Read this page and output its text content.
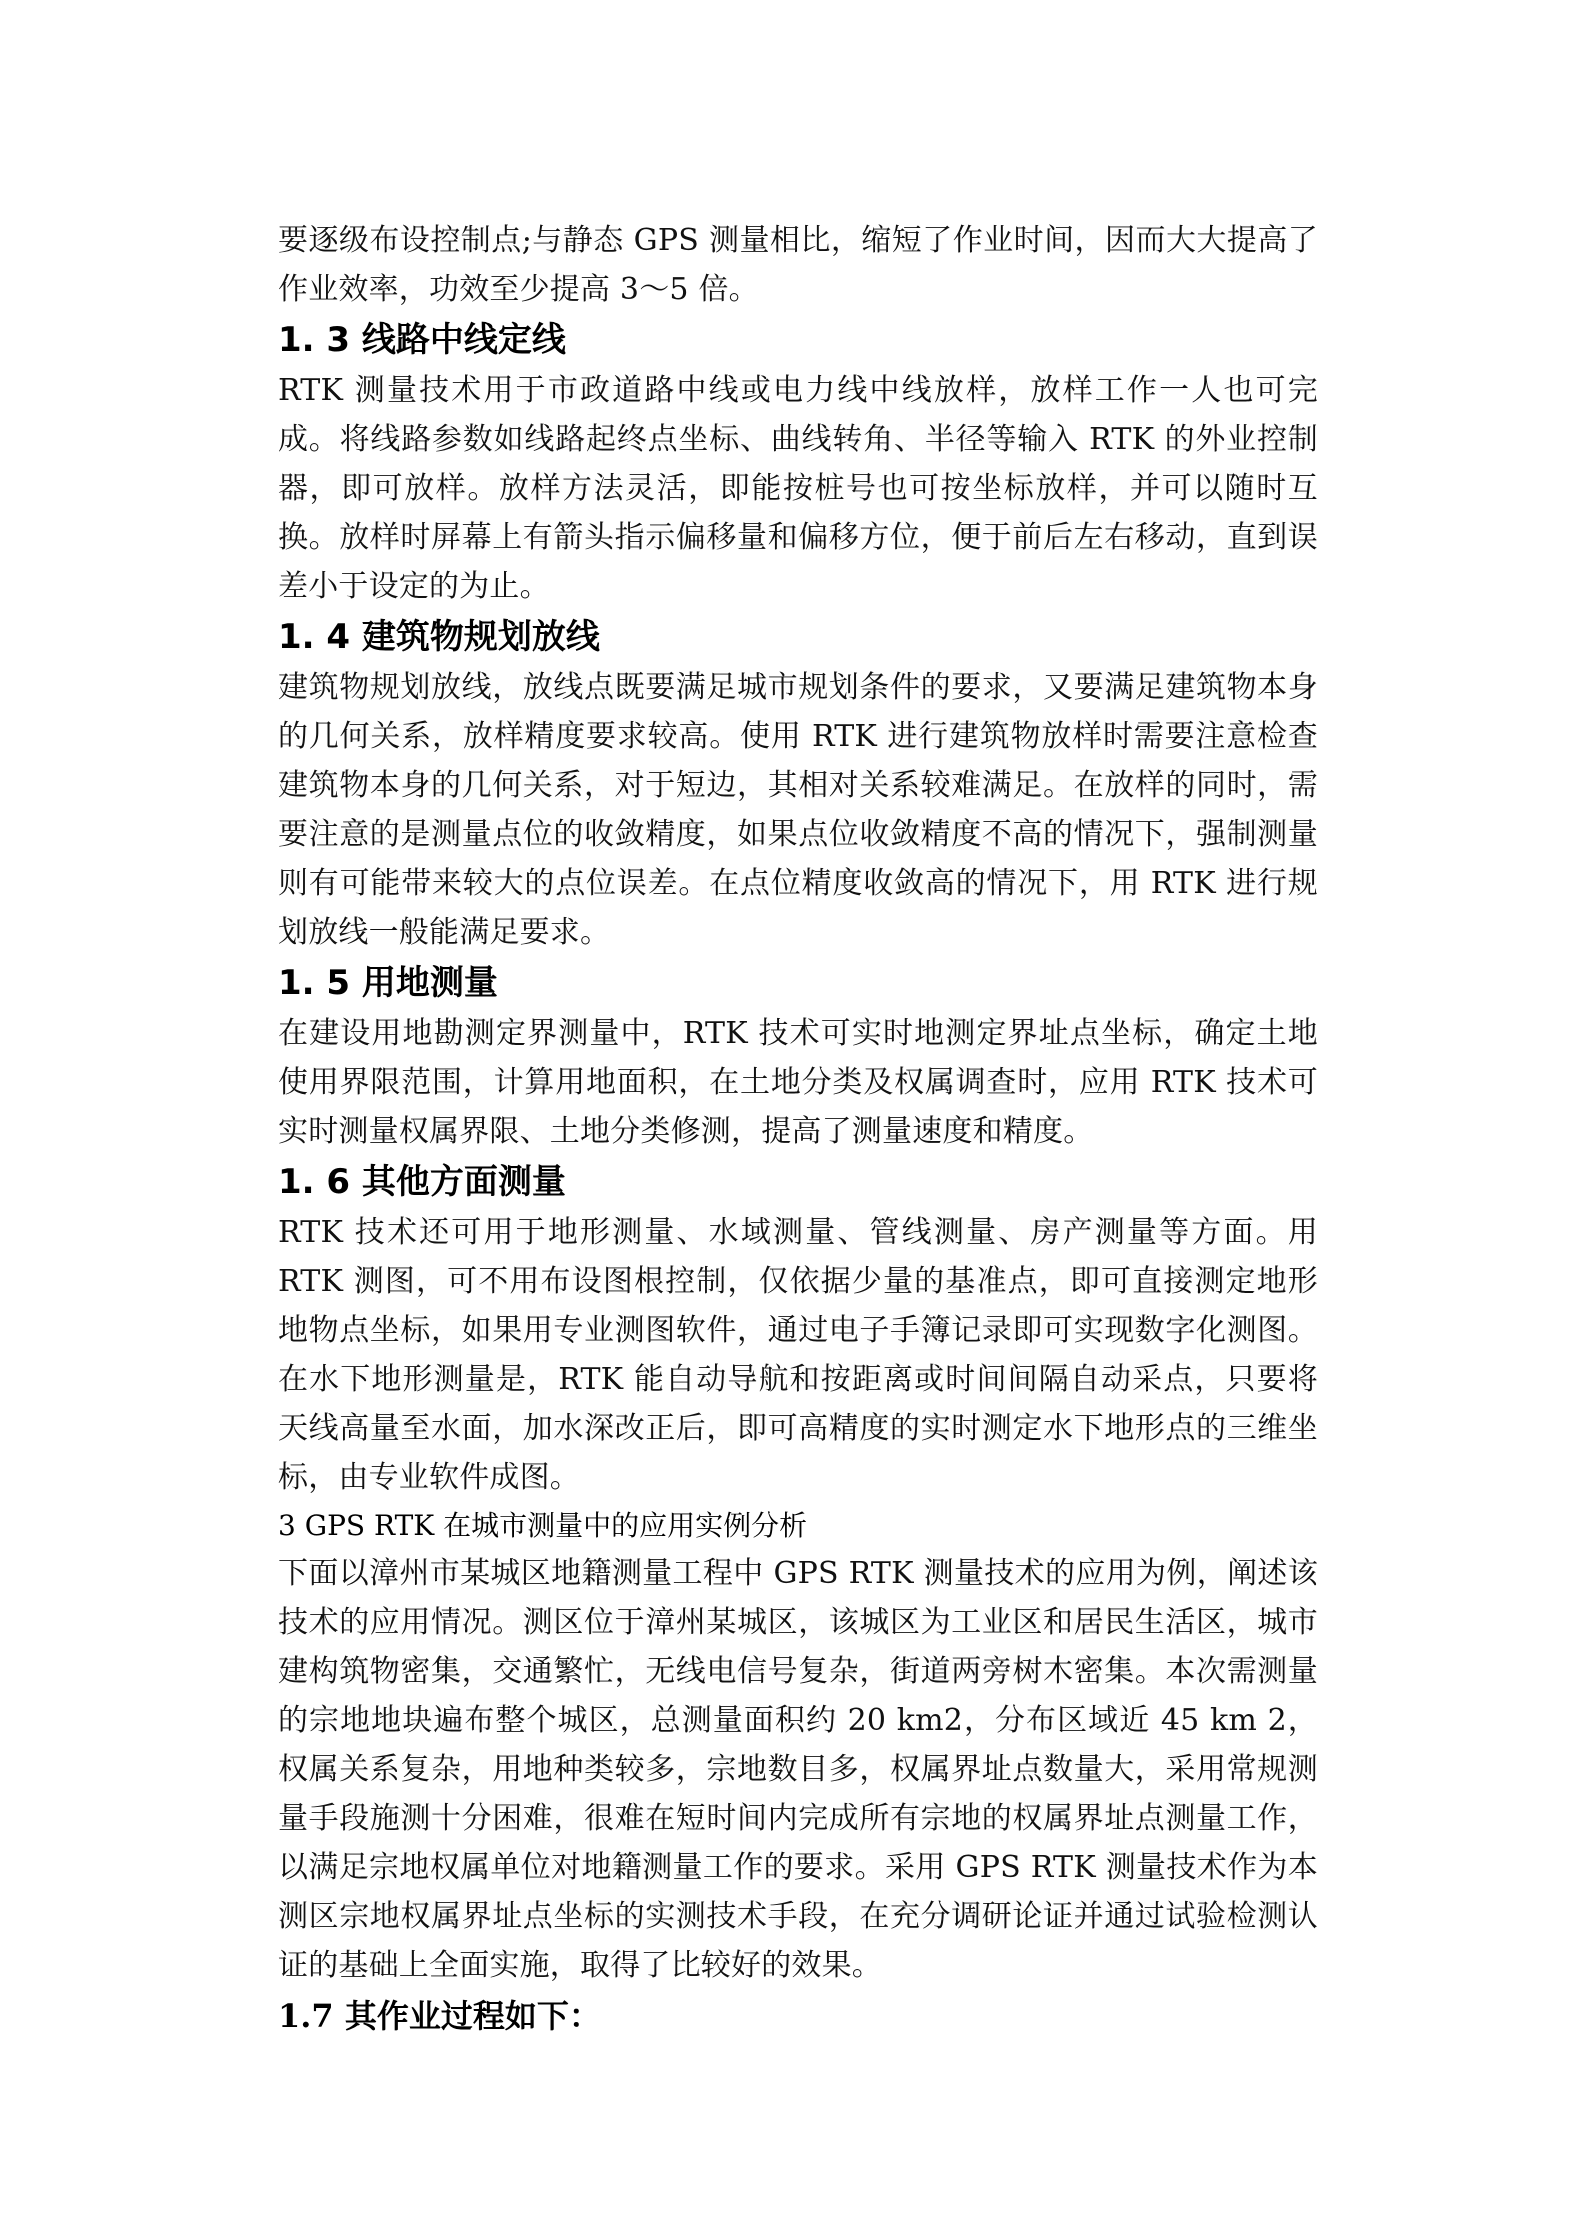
要逐级布设控制点;与静态 GPS 测量相比，缩短了作业时间，因而大大提高了作业效率，功效至少提高 3～5 倍。

1. 3 线路中线定线

RTK 测量技术用于市政道路中线或电力线中线放样，放样工作一人也可完成。将线路参数如线路起终点坐标、曲线转角、半径等输入 RTK 的外业控制器，即可放样。放样方法灵活，即能按桩号也可按坐标放样，并可以随时互换。放样时屏幕上有箭头指示偏移量和偏移方位，便于前后左右移动，直到误差小于设定的为止。

1. 4 建筑物规划放线

建筑物规划放线，放线点既要满足城市规划条件的要求，又要满足建筑物本身的几何关系，放样精度要求较高。使用 RTK 进行建筑物放样时需要注意检查建筑物本身的几何关系，对于短边，其相对关系较难满足。在放样的同时，需要注意的是测量点位的收敛精度，如果点位收敛精度不高的情况下，强制测量则有可能带来较大的点位误差。在点位精度收敛高的情况下，用 RTK 进行规划放线一般能满足要求。

1. 5 用地测量

在建设用地勘测定界测量中，RTK 技术可实时地测定界址点坐标，确定土地使用界限范围，计算用地面积，在土地分类及权属调查时，应用 RTK 技术可实时测量权属界限、土地分类修测，提高了测量速度和精度。

1. 6 其他方面测量

RTK 技术还可用于地形测量、水域测量、管线测量、房产测量等方面。用 RTK 测图，可不用布设图根控制，仅依据少量的基准点，即可直接测定地形地物点坐标，如果用专业测图软件，通过电子手簿记录即可实现数字化测图。在水下地形测量是，RTK 能自动导航和按距离或时间间隔自动采点，只要将天线高量至水面，加水深改正后，即可高精度的实时测定水下地形点的三维坐标，由专业软件成图。

3 GPS RTK 在城市测量中的应用实例分析

下面以漳州市某城区地籍测量工程中 GPS RTK 测量技术的应用为例，阐述该技术的应用情况。测区位于漳州某城区，该城区为工业区和居民生活区，城市建构筑物密集，交通繁忙，无线电信号复杂，街道两旁树木密集。本次需测量的宗地地块遍布整个城区，总测量面积约 20 km2，分布区域近 45 km 2，权属关系复杂，用地种类较多，宗地数目多，权属界址点数量大，采用常规测量手段施测十分困难，很难在短时间内完成所有宗地的权属界址点测量工作，以满足宗地权属单位对地籍测量工作的要求。采用 GPS RTK 测量技术作为本测区宗地权属界址点坐标的实测技术手段，在充分调研论证并通过试验检测认证的基础上全面实施，取得了比较好的效果。

1.7 其作业过程如下：
